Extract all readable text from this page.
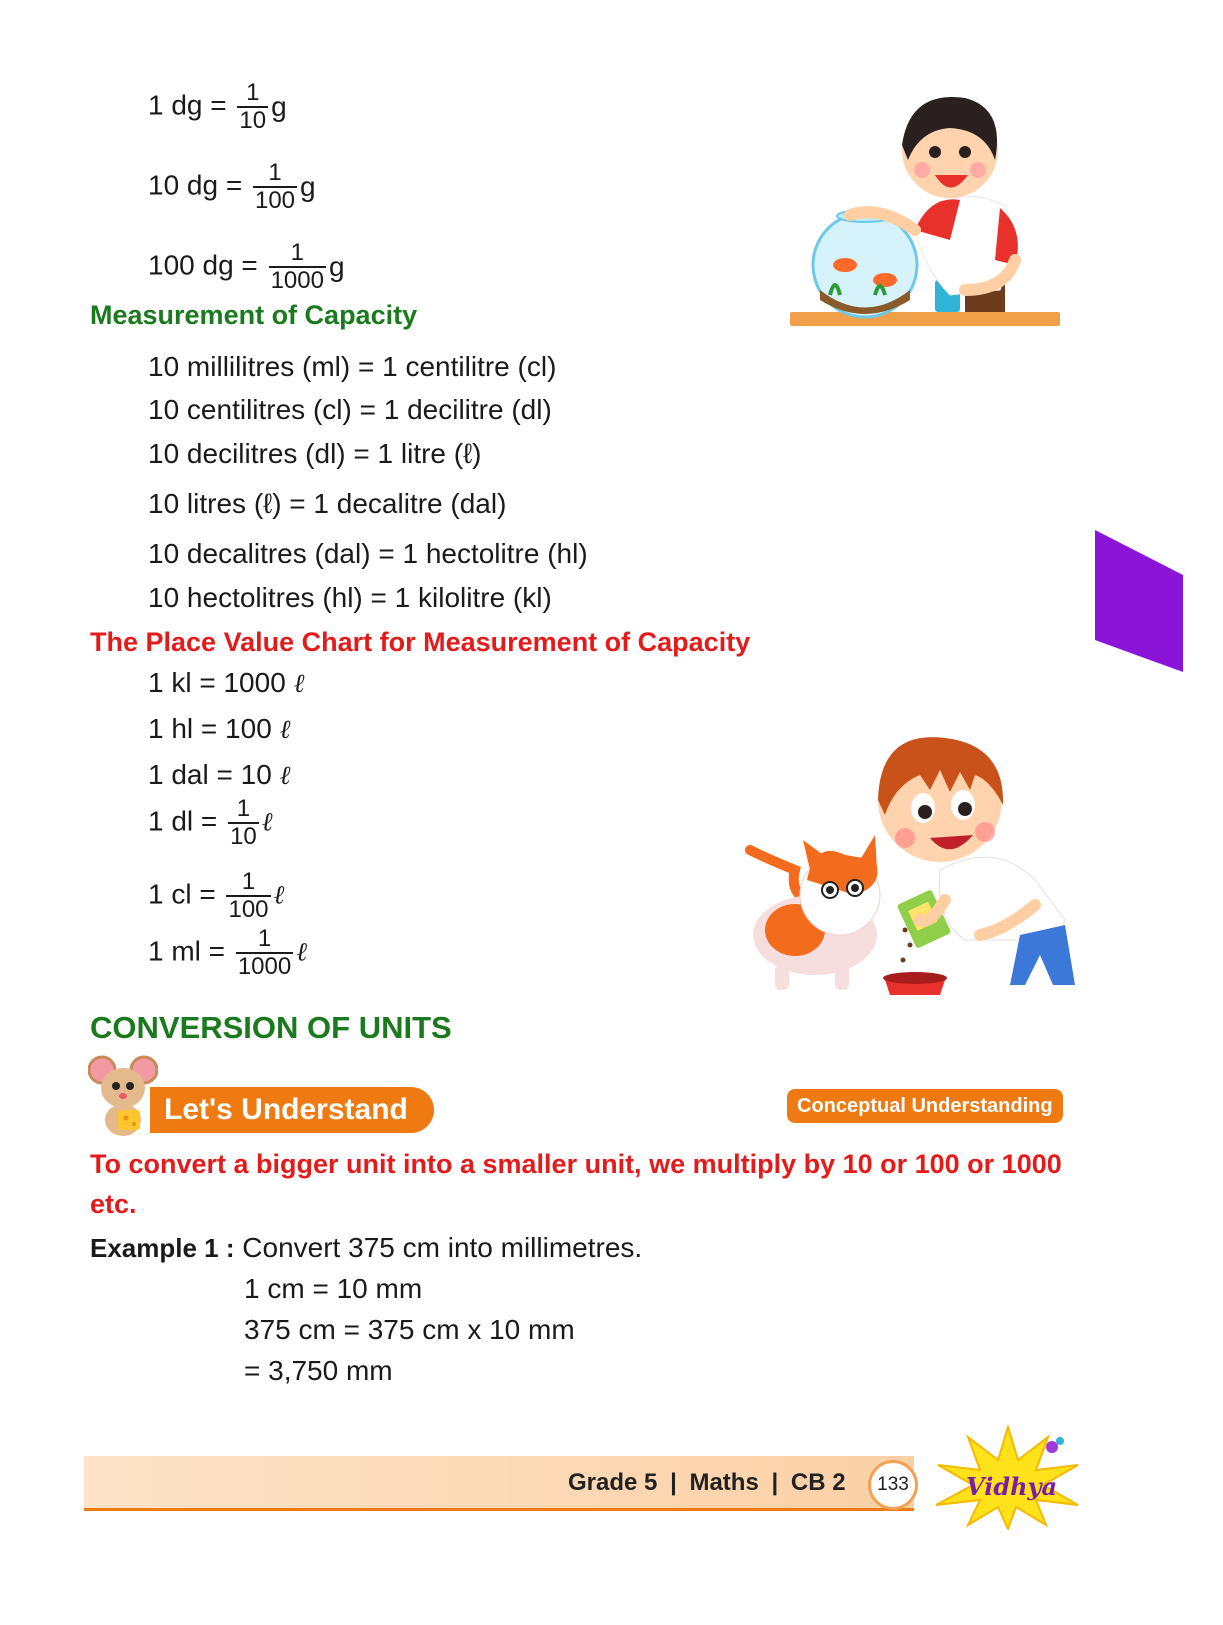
1 dg = $\frac{1}{10}$ g
10 dg = $\frac{1}{100}$ g
100 dg = $\frac{1}{1000}$ g
Measurement of Capacity
10 millilitres (ml) = 1 centilitre (cl)
10 centilitres (cl) = 1 decilitre (dl)
10 decilitres (dl) = 1 litre (ℓ)
10 litres (ℓ) = 1 decalitre (dal)
10 decalitres (dal) = 1 hectolitre (hl)
10 hectolitres (hl) = 1 kilolitre (kl)
The Place Value Chart for Measurement of Capacity
1 kl = 1000 ℓ
1 hl = 100 ℓ
1 dal = 10 ℓ
1 dl = $\frac{1}{10}$ ℓ
1 cl = $\frac{1}{100}$ ℓ
1 ml = $\frac{1}{1000}$ ℓ
CONVERSION OF UNITS
Let's Understand	Conceptual Understanding
To convert a bigger unit into a smaller unit, we multiply by 10 or 100 or 1000
etc.
Example 1 : Convert 375 cm into millimetres.
1 cm = 10 mm
375 cm = 375 cm x 10 mm
= 3,750 mm
Grade 5 | Maths | CB 2	133	Vidhya
